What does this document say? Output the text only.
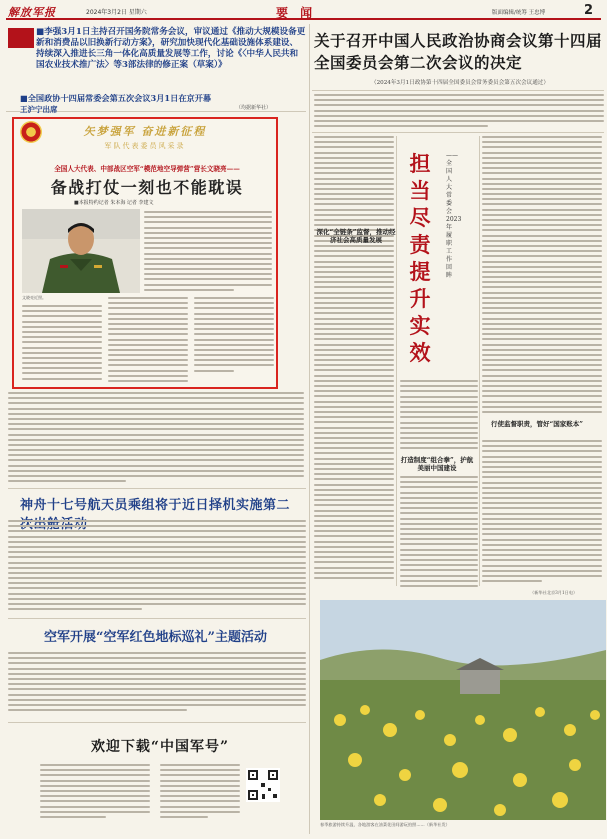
解放军报	2024年3月2日 星期六	要 闻	版面编辑/统筹 王忠博	2
■李强3月1日主持召开国务院常务会议，审议通过《推动大规模设备更新和消费品以旧换新行动方案》，研究加快现代化基础设施体系建设、持续深入推进长三角一体化高质量发展等工作，讨论《〈中华人民共和国农业技术推广法〉等3部法律的修正案（草案）》
■全国政协十四届常委会第五次会议3月1日在京开幕
王沪宁出席	（均据新华社）
关于召开中国人民政治协商会议第十四届全国委员会第二次会议的决定
（2024年3月1日政协第十四届全国委员会常务委员会第五次会议通过）
矢梦强军 奋进新征程
军队代表委员风采录
全国人大代表、中部战区空军“模范地空导弹营”营长文晓亮——
备战打仗一刻也不能耽误
■本报特约记者 朱本海 记者 李建文
文晓亮近照。
深化“全链条”监督，推动经济社会高质量发展
打造制度“组合拳”，护航美丽中国建设
行使监督职责，管好“国家账本”
担当尽责提升实效
——全国人大常委会2023年履职工作回眸
（新华社北京3月1日电）
神舟十七号航天员乘组将于近日择机实施第二
空军开展“空军红色地标巡礼”主题活动
欢迎下载“中国军号”
春季旅游持续升温，各地游客在油菜花田间游玩拍照……（新华社发）
